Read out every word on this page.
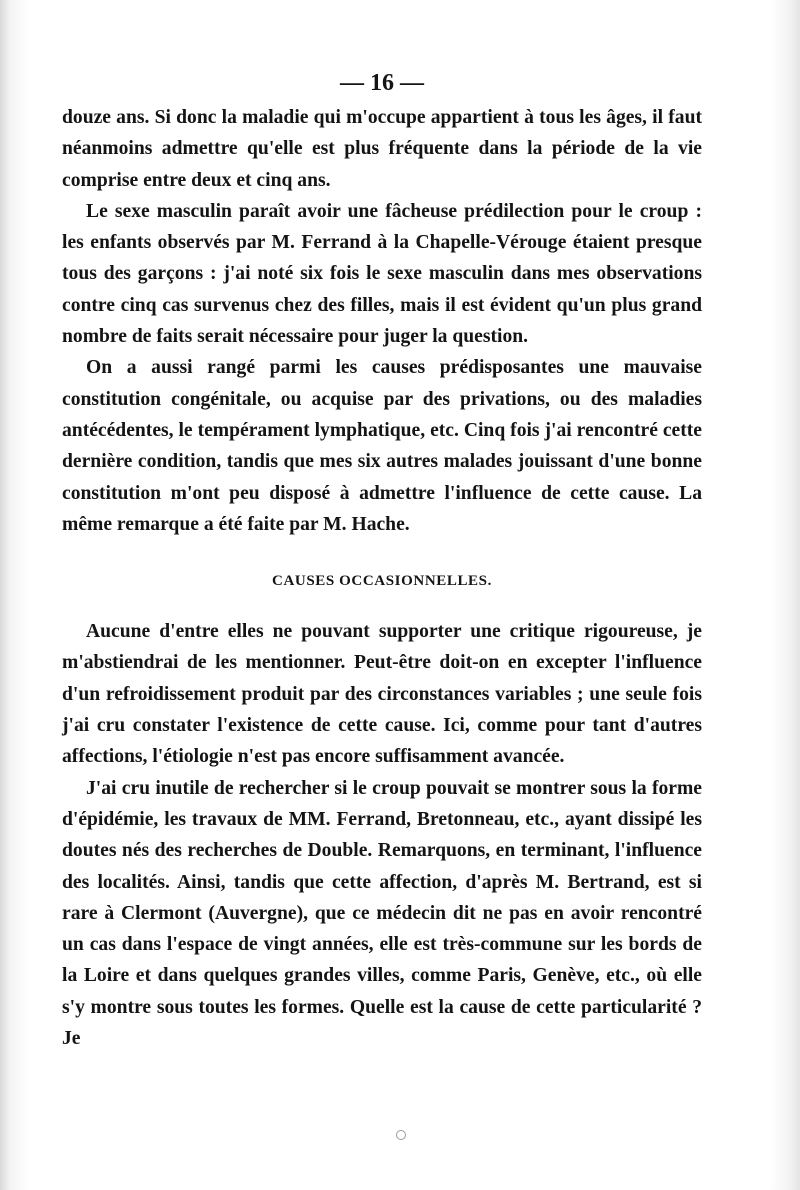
— 16 —

douze ans. Si donc la maladie qui m'occupe appartient à tous les âges, il faut néanmoins admettre qu'elle est plus fréquente dans la période de la vie comprise entre deux et cinq ans.

Le sexe masculin paraît avoir une fâcheuse prédilection pour le croup : les enfants observés par M. Ferrand à la Chapelle-Vérouge étaient presque tous des garçons : j'ai noté six fois le sexe masculin dans mes observations contre cinq cas survenus chez des filles, mais il est évident qu'un plus grand nombre de faits serait nécessaire pour juger la question.

On a aussi rangé parmi les causes prédisposantes une mauvaise constitution congénitale, ou acquise par des privations, ou des maladies antécédentes, le tempérament lymphatique, etc. Cinq fois j'ai rencontré cette dernière condition, tandis que mes six autres malades jouissant d'une bonne constitution m'ont peu disposé à admettre l'influence de cette cause. La même remarque a été faite par M. Hache.

CAUSES OCCASIONNELLES.

Aucune d'entre elles ne pouvant supporter une critique rigoureuse, je m'abstiendrai de les mentionner. Peut-être doit-on en excepter l'influence d'un refroidissement produit par des circonstances variables ; une seule fois j'ai cru constater l'existence de cette cause. Ici, comme pour tant d'autres affections, l'étiologie n'est pas encore suffisamment avancée.

J'ai cru inutile de rechercher si le croup pouvait se montrer sous la forme d'épidémie, les travaux de MM. Ferrand, Bretonneau, etc., ayant dissipé les doutes nés des recherches de Double. Remarquons, en terminant, l'influence des localités. Ainsi, tandis que cette affection, d'après M. Bertrand, est si rare à Clermont (Auvergne), que ce médecin dit ne pas en avoir rencontré un cas dans l'espace de vingt années, elle est très-commune sur les bords de la Loire et dans quelques grandes villes, comme Paris, Genève, etc., où elle s'y montre sous toutes les formes. Quelle est la cause de cette particularité ? Je
